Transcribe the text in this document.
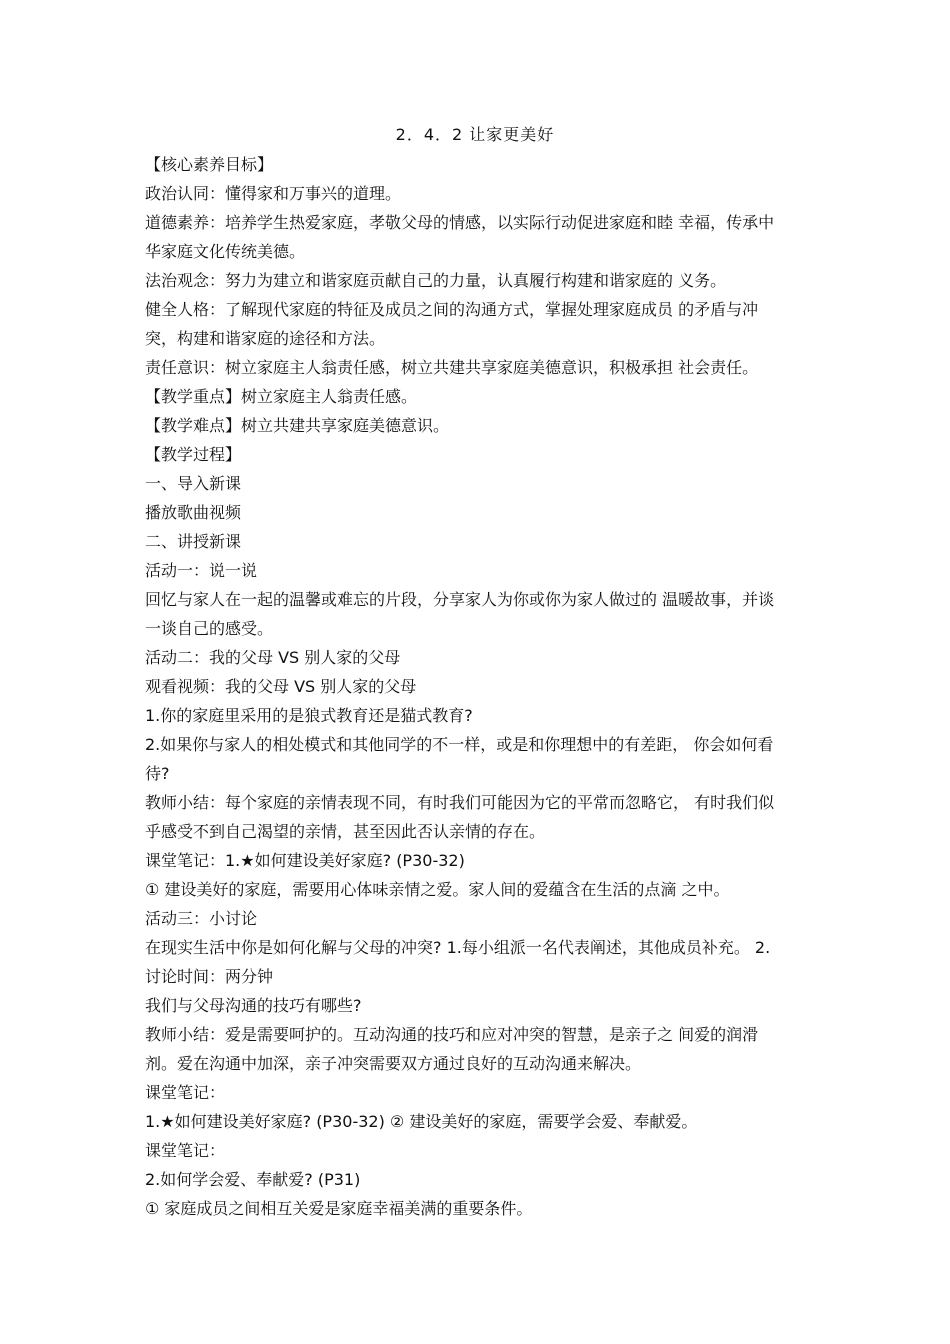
2．4．2 让家更美好

【核心素养目标】

政治认同：懂得家和万事兴的道理。

道德素养：培养学生热爱家庭，孝敬父母的情感，以实际行动促进家庭和睦 幸福，传承中

华家庭文化传统美德。

法治观念：努力为建立和谐家庭贡献自己的力量，认真履行构建和谐家庭的 义务。

健全人格：了解现代家庭的特征及成员之间的沟通方式，掌握处理家庭成员 的矛盾与冲

突，构建和谐家庭的途径和方法。

责任意识：树立家庭主人翁责任感，树立共建共享家庭美德意识，积极承担 社会责任。

【教学重点】树立家庭主人翁责任感。

【教学难点】树立共建共享家庭美德意识。

【教学过程】

一、导入新课

播放歌曲视频

二、讲授新课

活动一：说一说

回忆与家人在一起的温馨或难忘的片段，分享家人为你或你为家人做过的 温暖故事，并谈

一谈自己的感受。

活动二：我的父母 VS 别人家的父母

观看视频：我的父母 VS 别人家的父母

1.你的家庭里采用的是狼式教育还是猫式教育?

2.如果你与家人的相处模式和其他同学的不一样，或是和你理想中的有差距， 你会如何看

待?

教师小结：每个家庭的亲情表现不同，有时我们可能因为它的平常而忽略它， 有时我们似

乎感受不到自己渴望的亲情，甚至因此否认亲情的存在。

课堂笔记：1.★如何建设美好家庭? (P30-32)

① 建设美好的家庭，需要用心体味亲情之爱。家人间的爱蕴含在生活的点滴 之中。

活动三：小讨论

在现实生活中你是如何化解与父母的冲突? 1.每小组派一名代表阐述，其他成员补充。 2.

讨论时间：两分钟

我们与父母沟通的技巧有哪些?

教师小结：爱是需要呵护的。互动沟通的技巧和应对冲突的智慧，是亲子之 间爱的润滑

剂。爱在沟通中加深，亲子冲突需要双方通过良好的互动沟通来解决。

课堂笔记：

1.★如何建设美好家庭? (P30-32) ② 建设美好的家庭，需要学会爱、奉献爱。

课堂笔记：

2.如何学会爱、奉献爱? (P31)

① 家庭成员之间相互关爱是家庭幸福美满的重要条件。
